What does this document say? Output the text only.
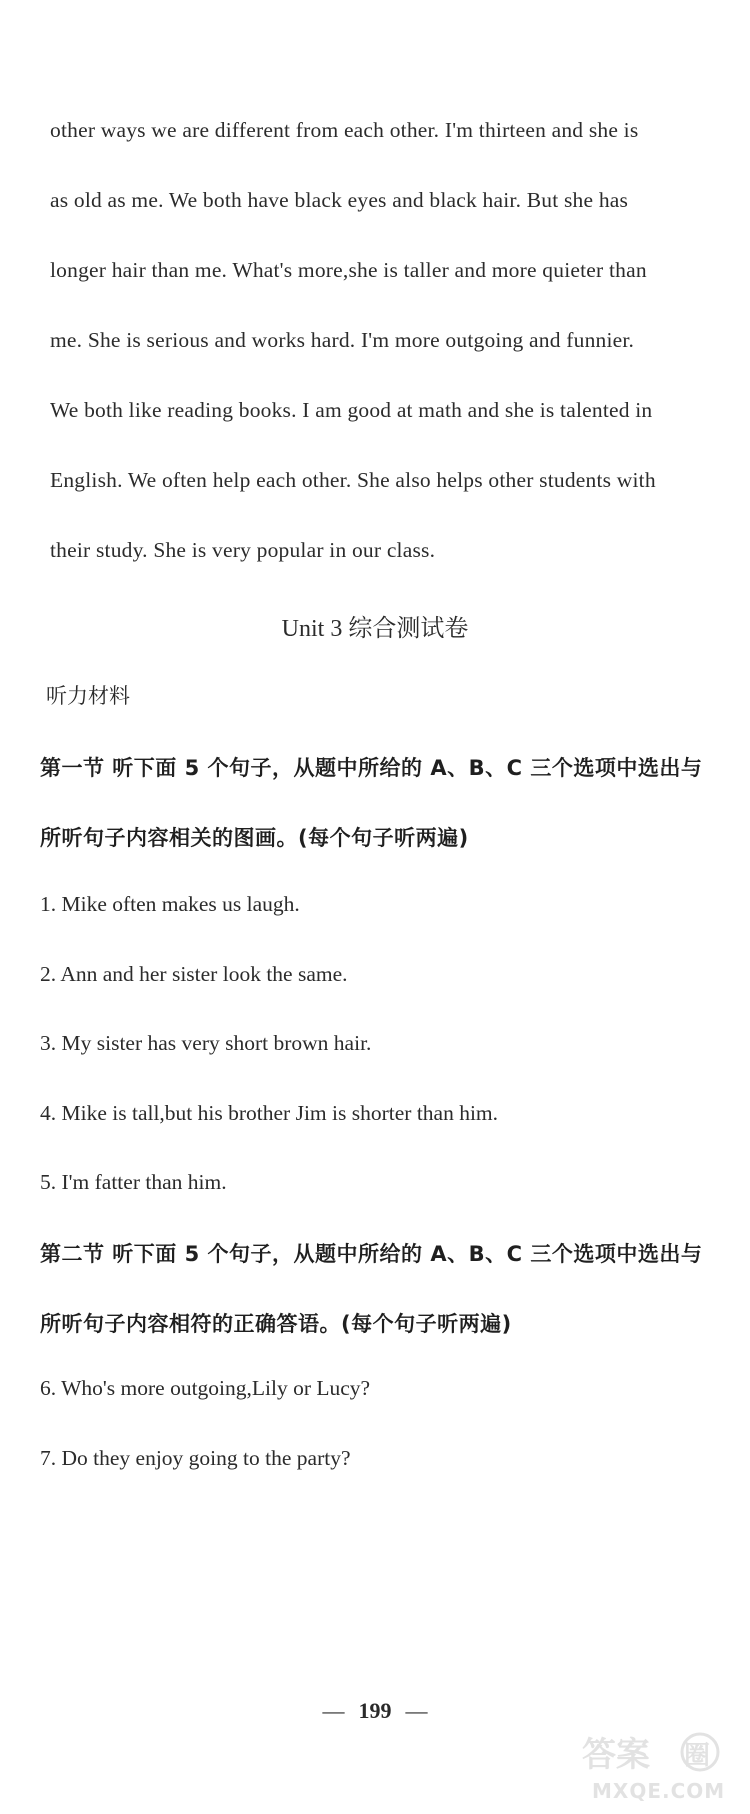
other ways we are different from each other. I'm thirteen and she is
as old as me. We both have black eyes and black hair. But she has
longer hair than me. What's more,she is taller and more quieter than
me. She is serious and works hard. I'm more outgoing and funnier.
We both like reading books. I am good at math and she is talented in
English. We often help each other. She also helps other students with
their study. She is very popular in our class.
Unit 3 综合测试卷
听力材料
第一节 听下面 5 个句子，从题中所给的 A、B、C 三个选项中选出与
所听句子内容相关的图画。(每个句子听两遍)
1. Mike often makes us laugh.
2. Ann and her sister look the same.
3. My sister has very short brown hair.
4. Mike is tall,but his brother Jim is shorter than him.
5. I'm fatter than him.
第二节 听下面 5 个句子，从题中所给的 A、B、C 三个选项中选出与
所听句子内容相符的正确答语。(每个句子听两遍)
6. Who's more outgoing,Lily or Lucy?
7. Do they enjoy going to the party?
— 199 —
答案 圈
MXQE.COM
